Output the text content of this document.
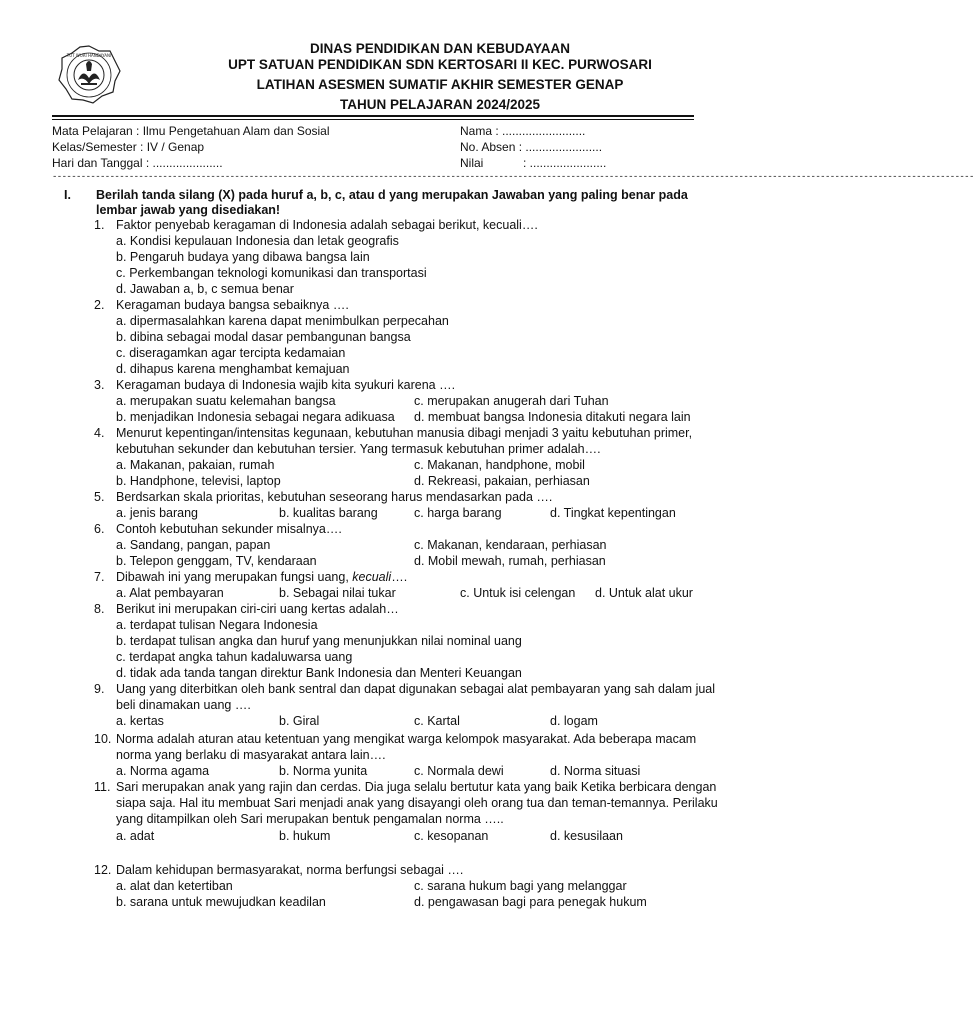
TUT WURI HANDAYANI	DINAS PENDIDIKAN DAN KEBUDAYAAN
UPT SATUAN PENDIDIKAN SDN KERTOSARI II KEC. PURWOSARI
LATIHAN ASESMEN SUMATIF AKHIR SEMESTER GENAP
TAHUN PELAJARAN 2024/2025
Mata Pelajaran : Ilmu Pengetahuan Alam dan Sosial
Kelas/Semester : IV / Genap
Hari dan Tanggal : .....................
Nama : .........................
No. Absen : .......................
Nilai	: .......................
------------------------------------------------------------------------------------------------------------------------------------------------------------------------------------------------
I. Berilah tanda silang (X) pada huruf a, b, c, atau d yang merupakan Jawaban yang paling benar pada lembar jawab yang disediakan!
1. Faktor penyebab keragaman di Indonesia adalah sebagai berikut, kecuali….
a. Kondisi kepulauan Indonesia dan letak geografis
b. Pengaruh budaya yang dibawa bangsa lain
c. Perkembangan teknologi komunikasi dan transportasi
d. Jawaban a, b, c semua benar
2. Keragaman budaya bangsa sebaiknya ….
a. dipermasalahkan karena dapat menimbulkan perpecahan
b. dibina sebagai modal dasar pembangunan bangsa
c. diseragamkan agar tercipta kedamaian
d. dihapus karena menghambat kemajuan
3. Keragaman budaya di Indonesia wajib kita syukuri karena ….
a. merupakan suatu kelemahan bangsa	c. merupakan anugerah dari Tuhan
b. menjadikan Indonesia sebagai negara adikuasa d. membuat bangsa Indonesia ditakuti negara lain
4. Menurut kepentingan/intensitas kegunaan, kebutuhan manusia dibagi menjadi 3 yaitu kebutuhan primer,
kebutuhan sekunder dan kebutuhan tersier. Yang termasuk kebutuhan primer adalah….
a. Makanan, pakaian, rumah	c. Makanan, handphone, mobil
b. Handphone, televisi, laptop	d. Rekreasi, pakaian, perhiasan
5. Berdsarkan skala prioritas, kebutuhan seseorang harus mendasarkan pada ….
a. jenis barang	b. kualitas barang	c. harga barang	d. Tingkat kepentingan
6. Contoh kebutuhan sekunder misalnya….
a. Sandang, pangan, papan	c. Makanan, kendaraan, perhiasan
b. Telepon genggam, TV, kendaraan	d. Mobil mewah, rumah, perhiasan
7. Dibawah ini yang merupakan fungsi uang, kecuali….
a. Alat pembayaran	b. Sebagai nilai tukar	c. Untuk isi celengan d. Untuk alat ukur
8. Berikut ini merupakan ciri-ciri uang kertas adalah…
a. terdapat tulisan Negara Indonesia
b. terdapat tulisan angka dan huruf yang menunjukkan nilai nominal uang
c. terdapat angka tahun kadaluwarsa uang
d. tidak ada tanda tangan direktur Bank Indonesia dan Menteri Keuangan
9. Uang yang diterbitkan oleh bank sentral dan dapat digunakan sebagai alat pembayaran yang sah dalam jual
beli dinamakan uang ….
a. kertas	b. Giral	c. Kartal	d. logam
10. Norma adalah aturan atau ketentuan yang mengikat warga kelompok masyarakat. Ada beberapa macam
norma yang berlaku di masyarakat antara lain….
a. Norma agama	b. Norma yunita	c. Normala dewi	d. Norma situasi
11. Sari merupakan anak yang rajin dan cerdas. Dia juga selalu bertutur kata yang baik Ketika berbicara dengan
siapa saja. Hal itu membuat Sari menjadi anak yang disayangi oleh orang tua dan teman-temannya. Perilaku
yang ditampilkan oleh Sari merupakan bentuk pengamalan norma …..
a. adat	b. hukum	c. kesopanan	d. kesusilaan
12. Dalam kehidupan bermasyarakat, norma berfungsi sebagai ….
a. alat dan ketertiban	c. sarana hukum bagi yang melanggar
b. sarana untuk mewujudkan keadilan	d. pengawasan bagi para penegak hukum
